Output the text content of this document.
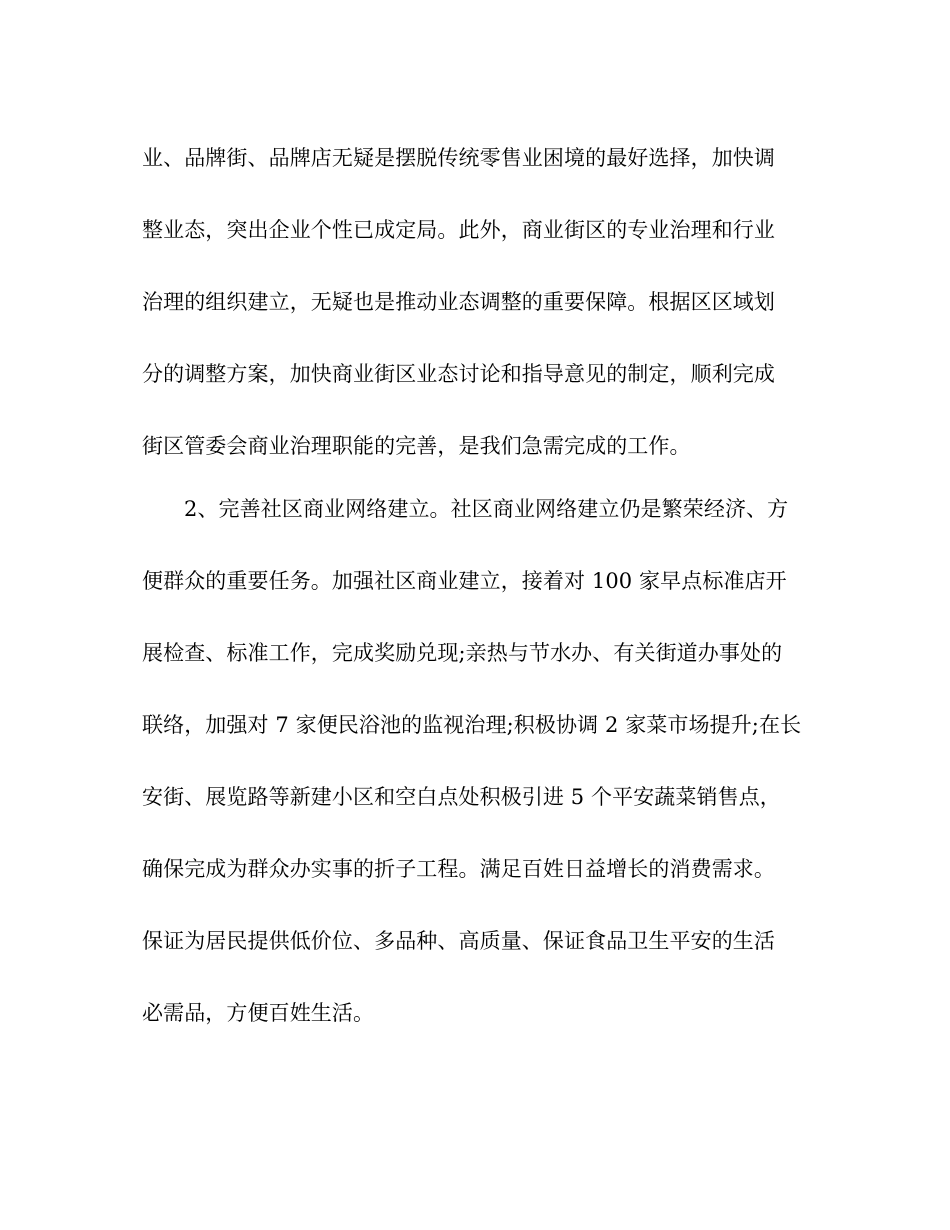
业、品牌街、品牌店无疑是摆脱传统零售业困境的最好选择，加快调
整业态，突出企业个性已成定局。此外，商业街区的专业治理和行业
治理的组织建立，无疑也是推动业态调整的重要保障。根据区区域划
分的调整方案，加快商业街区业态讨论和指导意见的制定，顺利完成
街区管委会商业治理职能的完善，是我们急需完成的工作。
2、完善社区商业网络建立。社区商业网络建立仍是繁荣经济、方
便群众的重要任务。加强社区商业建立，接着对 100 家早点标准店开
展检查、标准工作，完成奖励兑现;亲热与节水办、有关街道办事处的
联络，加强对 7 家便民浴池的监视治理;积极协调 2 家菜市场提升;在长
安街、展览路等新建小区和空白点处积极引进 5 个平安蔬菜销售点，
确保完成为群众办实事的折子工程。满足百姓日益增长的消费需求。
保证为居民提供低价位、多品种、高质量、保证食品卫生平安的生活
必需品，方便百姓生活。
